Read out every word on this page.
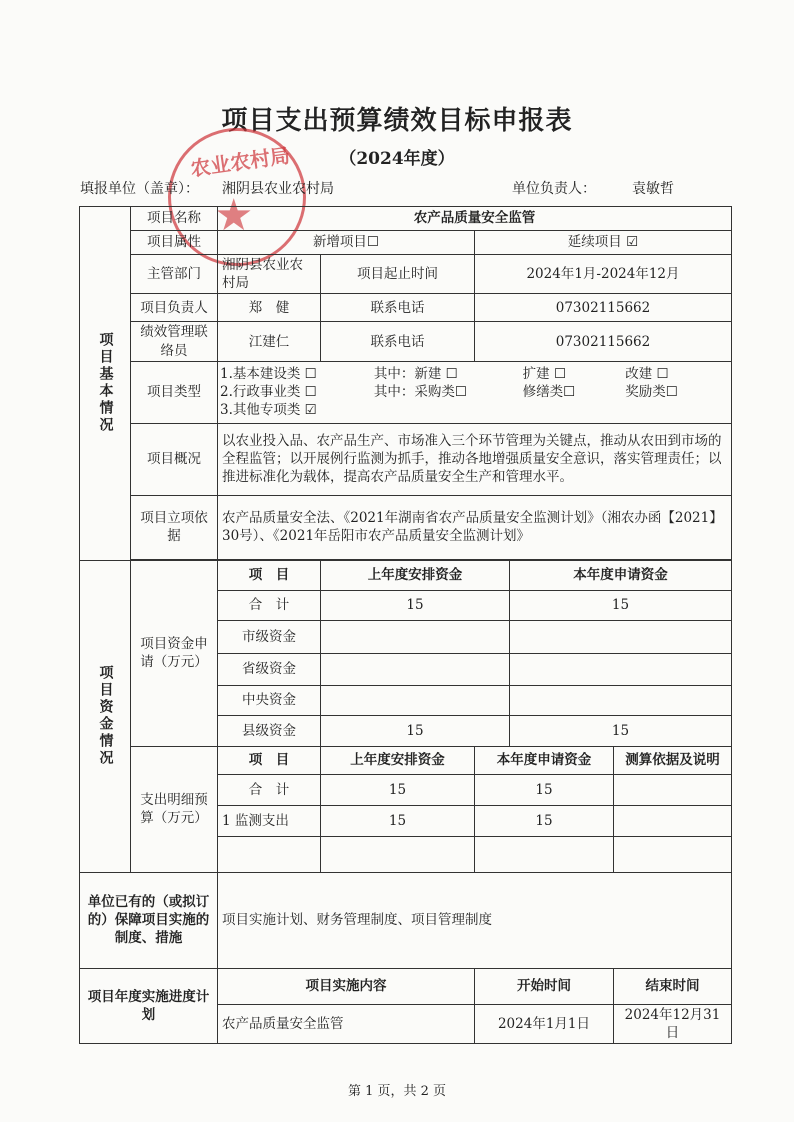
项目支出预算绩效目标申报表
（2024年度）
农业农村局
★
填报单位（盖章）： 湘阴县农业农村局	单位负责人：	袁敏哲
项目基本情况	项目名称	农产品质量安全监管
项目属性	新增项目☐	延续项目 ☑
主管部门	湘阴县农业农村局	项目起止时间	2024年1月-2024年12月
项目负责人	郑　健	联系电话	07302115662
绩效管理联络员	江建仁	联系电话	07302115662
项目类型	
1.基本建设类 ☐	其中：新建 ☐	扩建 ☐	改建 ☐
2.行政事业类 ☐	其中：采购类☐	修缮类☐	奖励类☐
3.其他专项类 ☑			

项目概况	以农业投入品、农产品生产、市场准入三个环节管理为关键点，推动从农田到市场的全程监管；以开展例行监测为抓手，推动各地增强质量安全意识，落实管理责任；以推进标准化为载体，提高农产品质量安全生产和管理水平。
项目立项依据	农产品质量安全法、《2021年湖南省农产品质量安全监测计划》（湘农办函【2021】30号）、《2021年岳阳市农产品质量安全监测计划》

项目资金情况	项目资金申请（万元）	项　目	上年度安排资金	本年度申请资金
合　计	15	15
市级资金		
省级资金		
中央资金		
县级资金	15	15
支出明细预算（万元）	项　目	上年度安排资金	本年度申请资金	测算依据及说明
合　计	15	15	
1 监测支出	15	15	

单位已有的（或拟订的）保障项目实施的制度、措施	项目实施计划、财务管理制度、项目管理制度
项目年度实施进度计划	项目实施内容	开始时间	结束时间
农产品质量安全监管	2024年1月1日	2024年12月31日
第 1 页，共 2 页
